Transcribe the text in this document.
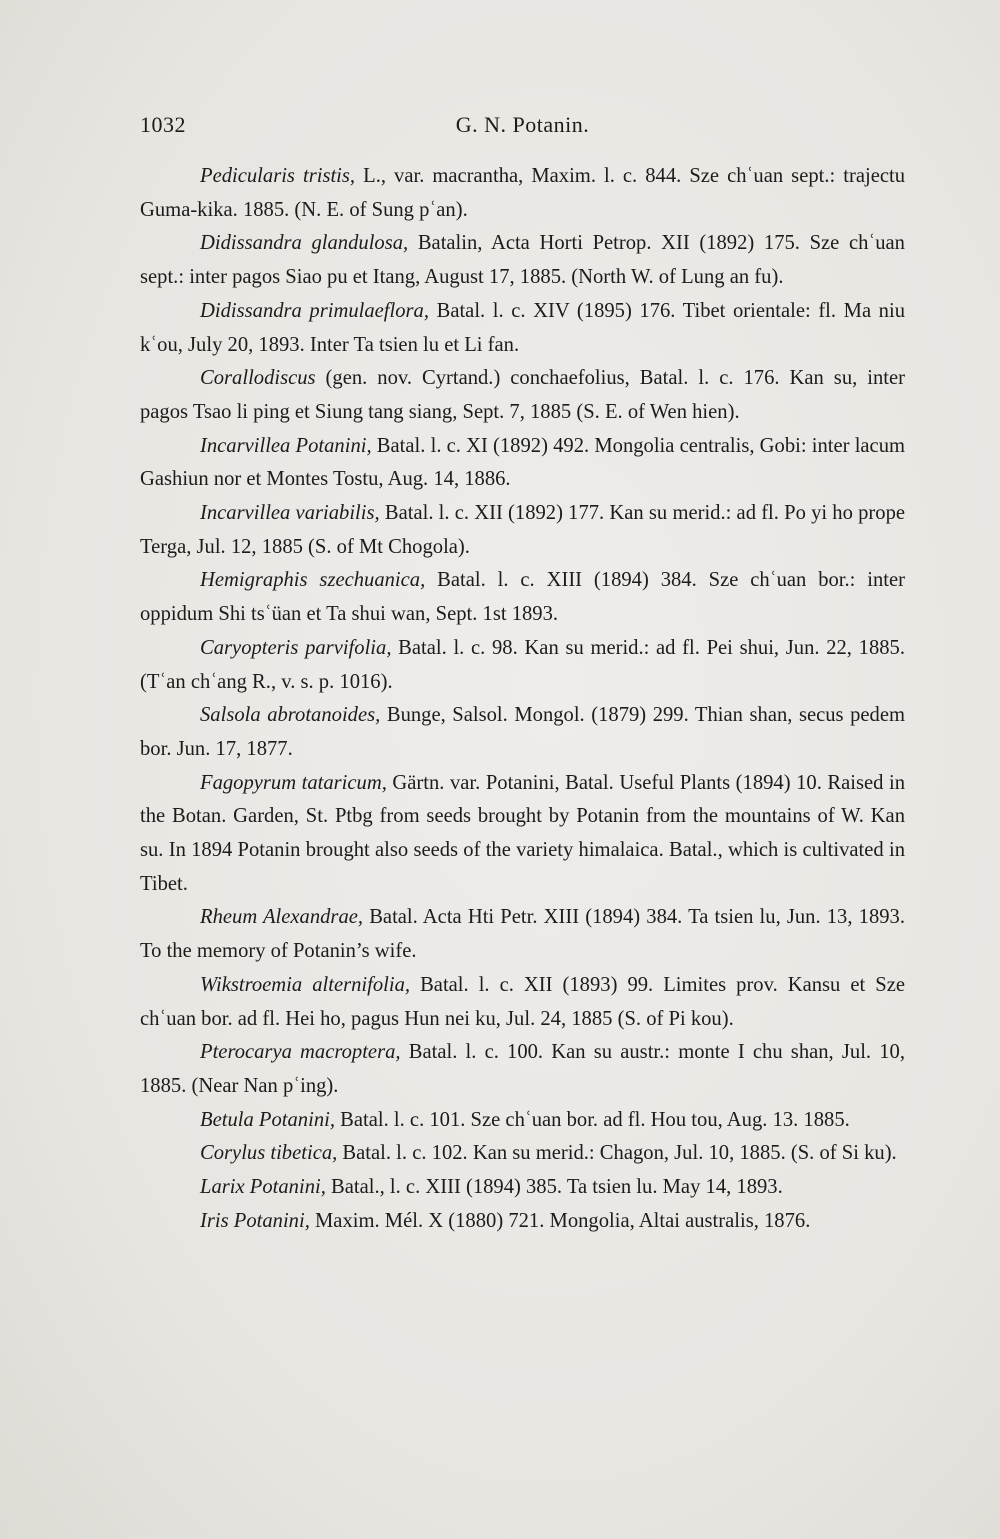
1032	G. N. Potanin.

Pedicularis tristis, L., var. macrantha, Maxim. l. c. 844. Sze chʿuan sept.: trajectu Guma-kika. 1885. (N. E. of Sung pʿan).

Didissandra glandulosa, Batalin, Acta Horti Petrop. XII (1892) 175. Sze chʿuan sept.: inter pagos Siao pu et Itang, August 17, 1885. (North W. of Lung an fu).

Didissandra primulaeflora, Batal. l. c. XIV (1895) 176. Tibet orientale: fl. Ma niu kʿou, July 20, 1893. Inter Ta tsien lu et Li fan.

Corallodiscus (gen. nov. Cyrtand.) conchaefolius, Batal. l. c. 176. Kan su, inter pagos Tsao li ping et Siung tang siang, Sept. 7, 1885 (S. E. of Wen hien).

Incarvillea Potanini, Batal. l. c. XI (1892) 492. Mongolia centralis, Gobi: inter lacum Gashiun nor et Montes Tostu, Aug. 14, 1886.

Incarvillea variabilis, Batal. l. c. XII (1892) 177. Kan su merid.: ad fl. Po yi ho prope Terga, Jul. 12, 1885 (S. of Mt Chogola).

Hemigraphis szechuanica, Batal. l. c. XIII (1894) 384. Sze chʿuan bor.: inter oppidum Shi tsʿüan et Ta shui wan, Sept. 1st 1893.

Caryopteris parvifolia, Batal. l. c. 98. Kan su merid.: ad fl. Pei shui, Jun. 22, 1885. (Tʿan chʿang R., v. s. p. 1016).

Salsola abrotanoides, Bunge, Salsol. Mongol. (1879) 299. Thian shan, secus pedem bor. Jun. 17, 1877.

Fagopyrum tataricum, Gärtn. var. Potanini, Batal. Useful Plants (1894) 10. Raised in the Botan. Garden, St. Ptbg from seeds brought by Potanin from the mountains of W. Kan su. In 1894 Potanin brought also seeds of the variety himalaica. Batal., which is cultivated in Tibet.

Rheum Alexandrae, Batal. Acta Hti Petr. XIII (1894) 384. Ta tsien lu, Jun. 13, 1893. To the memory of Potanin’s wife.

Wikstroemia alternifolia, Batal. l. c. XII (1893) 99. Limites prov. Kansu et Sze chʿuan bor. ad fl. Hei ho, pagus Hun nei ku, Jul. 24, 1885 (S. of Pi kou).

Pterocarya macroptera, Batal. l. c. 100. Kan su austr.: monte I chu shan, Jul. 10, 1885. (Near Nan pʿing).

Betula Potanini, Batal. l. c. 101. Sze chʿuan bor. ad fl. Hou tou, Aug. 13. 1885.

Corylus tibetica, Batal. l. c. 102. Kan su merid.: Chagon, Jul. 10, 1885. (S. of Si ku).

Larix Potanini, Batal., l. c. XIII (1894) 385. Ta tsien lu. May 14, 1893.

Iris Potanini, Maxim. Mél. X (1880) 721. Mongolia, Altai australis, 1876.
